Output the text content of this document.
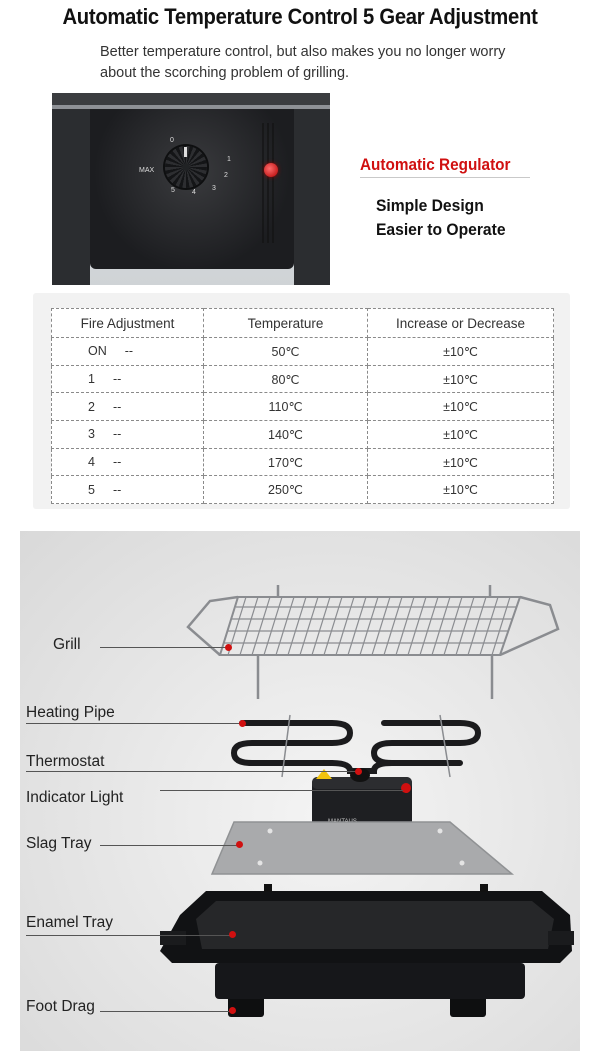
Automatic Temperature Control 5 Gear Adjustment
Better temperature control, but also makes you no longer worry about the scorching problem of grilling.
0
MAX
1
2
3
4
5
Automatic Regulator
Simple Design
Easier to Operate
Fire Adjustment	Temperature	Increase or Decrease
ON --	50℃	±10℃
1 --	80℃	±10℃
2 --	110℃	±10℃
3 --	140℃	±10℃
4 --	170℃	±10℃
5 --	250℃	±10℃
Grill
Heating Pipe
Thermostat
Indicator Light
Slag Tray
Enamel Tray
Foot Drag
